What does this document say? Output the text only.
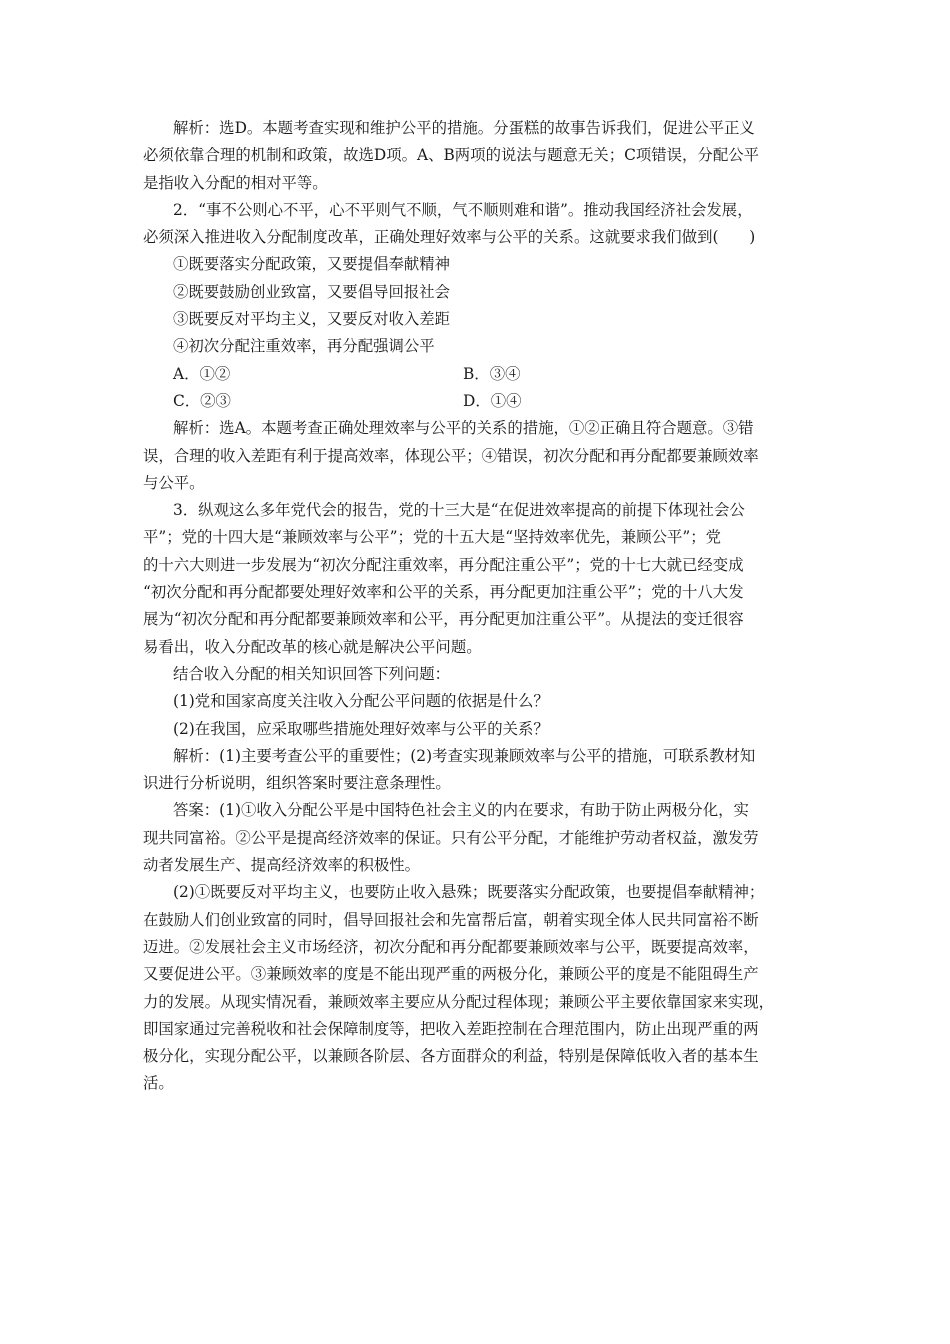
解析：选D。本题考查实现和维护公平的措施。分蛋糕的故事告诉我们，促进公平正义
必须依靠合理的机制和政策，故选D项。A、B两项的说法与题意无关；C项错误，分配公平
是指收入分配的相对平等。
2．“事不公则心不平，心不平则气不顺，气不顺则难和谐”。推动我国经济社会发展，
必须深入推进收入分配制度改革，正确处理好效率与公平的关系。这就要求我们做到(　　)
①既要落实分配政策，又要提倡奉献精神
②既要鼓励创业致富，又要倡导回报社会
③既要反对平均主义，又要反对收入差距
④初次分配注重效率，再分配强调公平
A．①②	B．③④
C．②③	D．①④
解析：选A。本题考查正确处理效率与公平的关系的措施，①②正确且符合题意。③错
误，合理的收入差距有利于提高效率，体现公平；④错误，初次分配和再分配都要兼顾效率
与公平。
3．纵观这么多年党代会的报告，党的十三大是“在促进效率提高的前提下体现社会公
平”；党的十四大是“兼顾效率与公平”；党的十五大是“坚持效率优先，兼顾公平”；党
的十六大则进一步发展为“初次分配注重效率，再分配注重公平”；党的十七大就已经变成
“初次分配和再分配都要处理好效率和公平的关系，再分配更加注重公平”；党的十八大发
展为“初次分配和再分配都要兼顾效率和公平，再分配更加注重公平”。从提法的变迁很容
易看出，收入分配改革的核心就是解决公平问题。
结合收入分配的相关知识回答下列问题：
(1)党和国家高度关注收入分配公平问题的依据是什么？
(2)在我国，应采取哪些措施处理好效率与公平的关系？
解析：(1)主要考查公平的重要性；(2)考查实现兼顾效率与公平的措施，可联系教材知
识进行分析说明，组织答案时要注意条理性。
答案：(1)①收入分配公平是中国特色社会主义的内在要求，有助于防止两极分化，实
现共同富裕。②公平是提高经济效率的保证。只有公平分配，才能维护劳动者权益，激发劳
动者发展生产、提高经济效率的积极性。
(2)①既要反对平均主义，也要防止收入悬殊；既要落实分配政策，也要提倡奉献精神；
在鼓励人们创业致富的同时，倡导回报社会和先富帮后富，朝着实现全体人民共同富裕不断
迈进。②发展社会主义市场经济，初次分配和再分配都要兼顾效率与公平，既要提高效率，
又要促进公平。③兼顾效率的度是不能出现严重的两极分化，兼顾公平的度是不能阻碍生产
力的发展。从现实情况看，兼顾效率主要应从分配过程体现；兼顾公平主要依靠国家来实现，
即国家通过完善税收和社会保障制度等，把收入差距控制在合理范围内，防止出现严重的两
极分化，实现分配公平，以兼顾各阶层、各方面群众的利益，特别是保障低收入者的基本生
活。
